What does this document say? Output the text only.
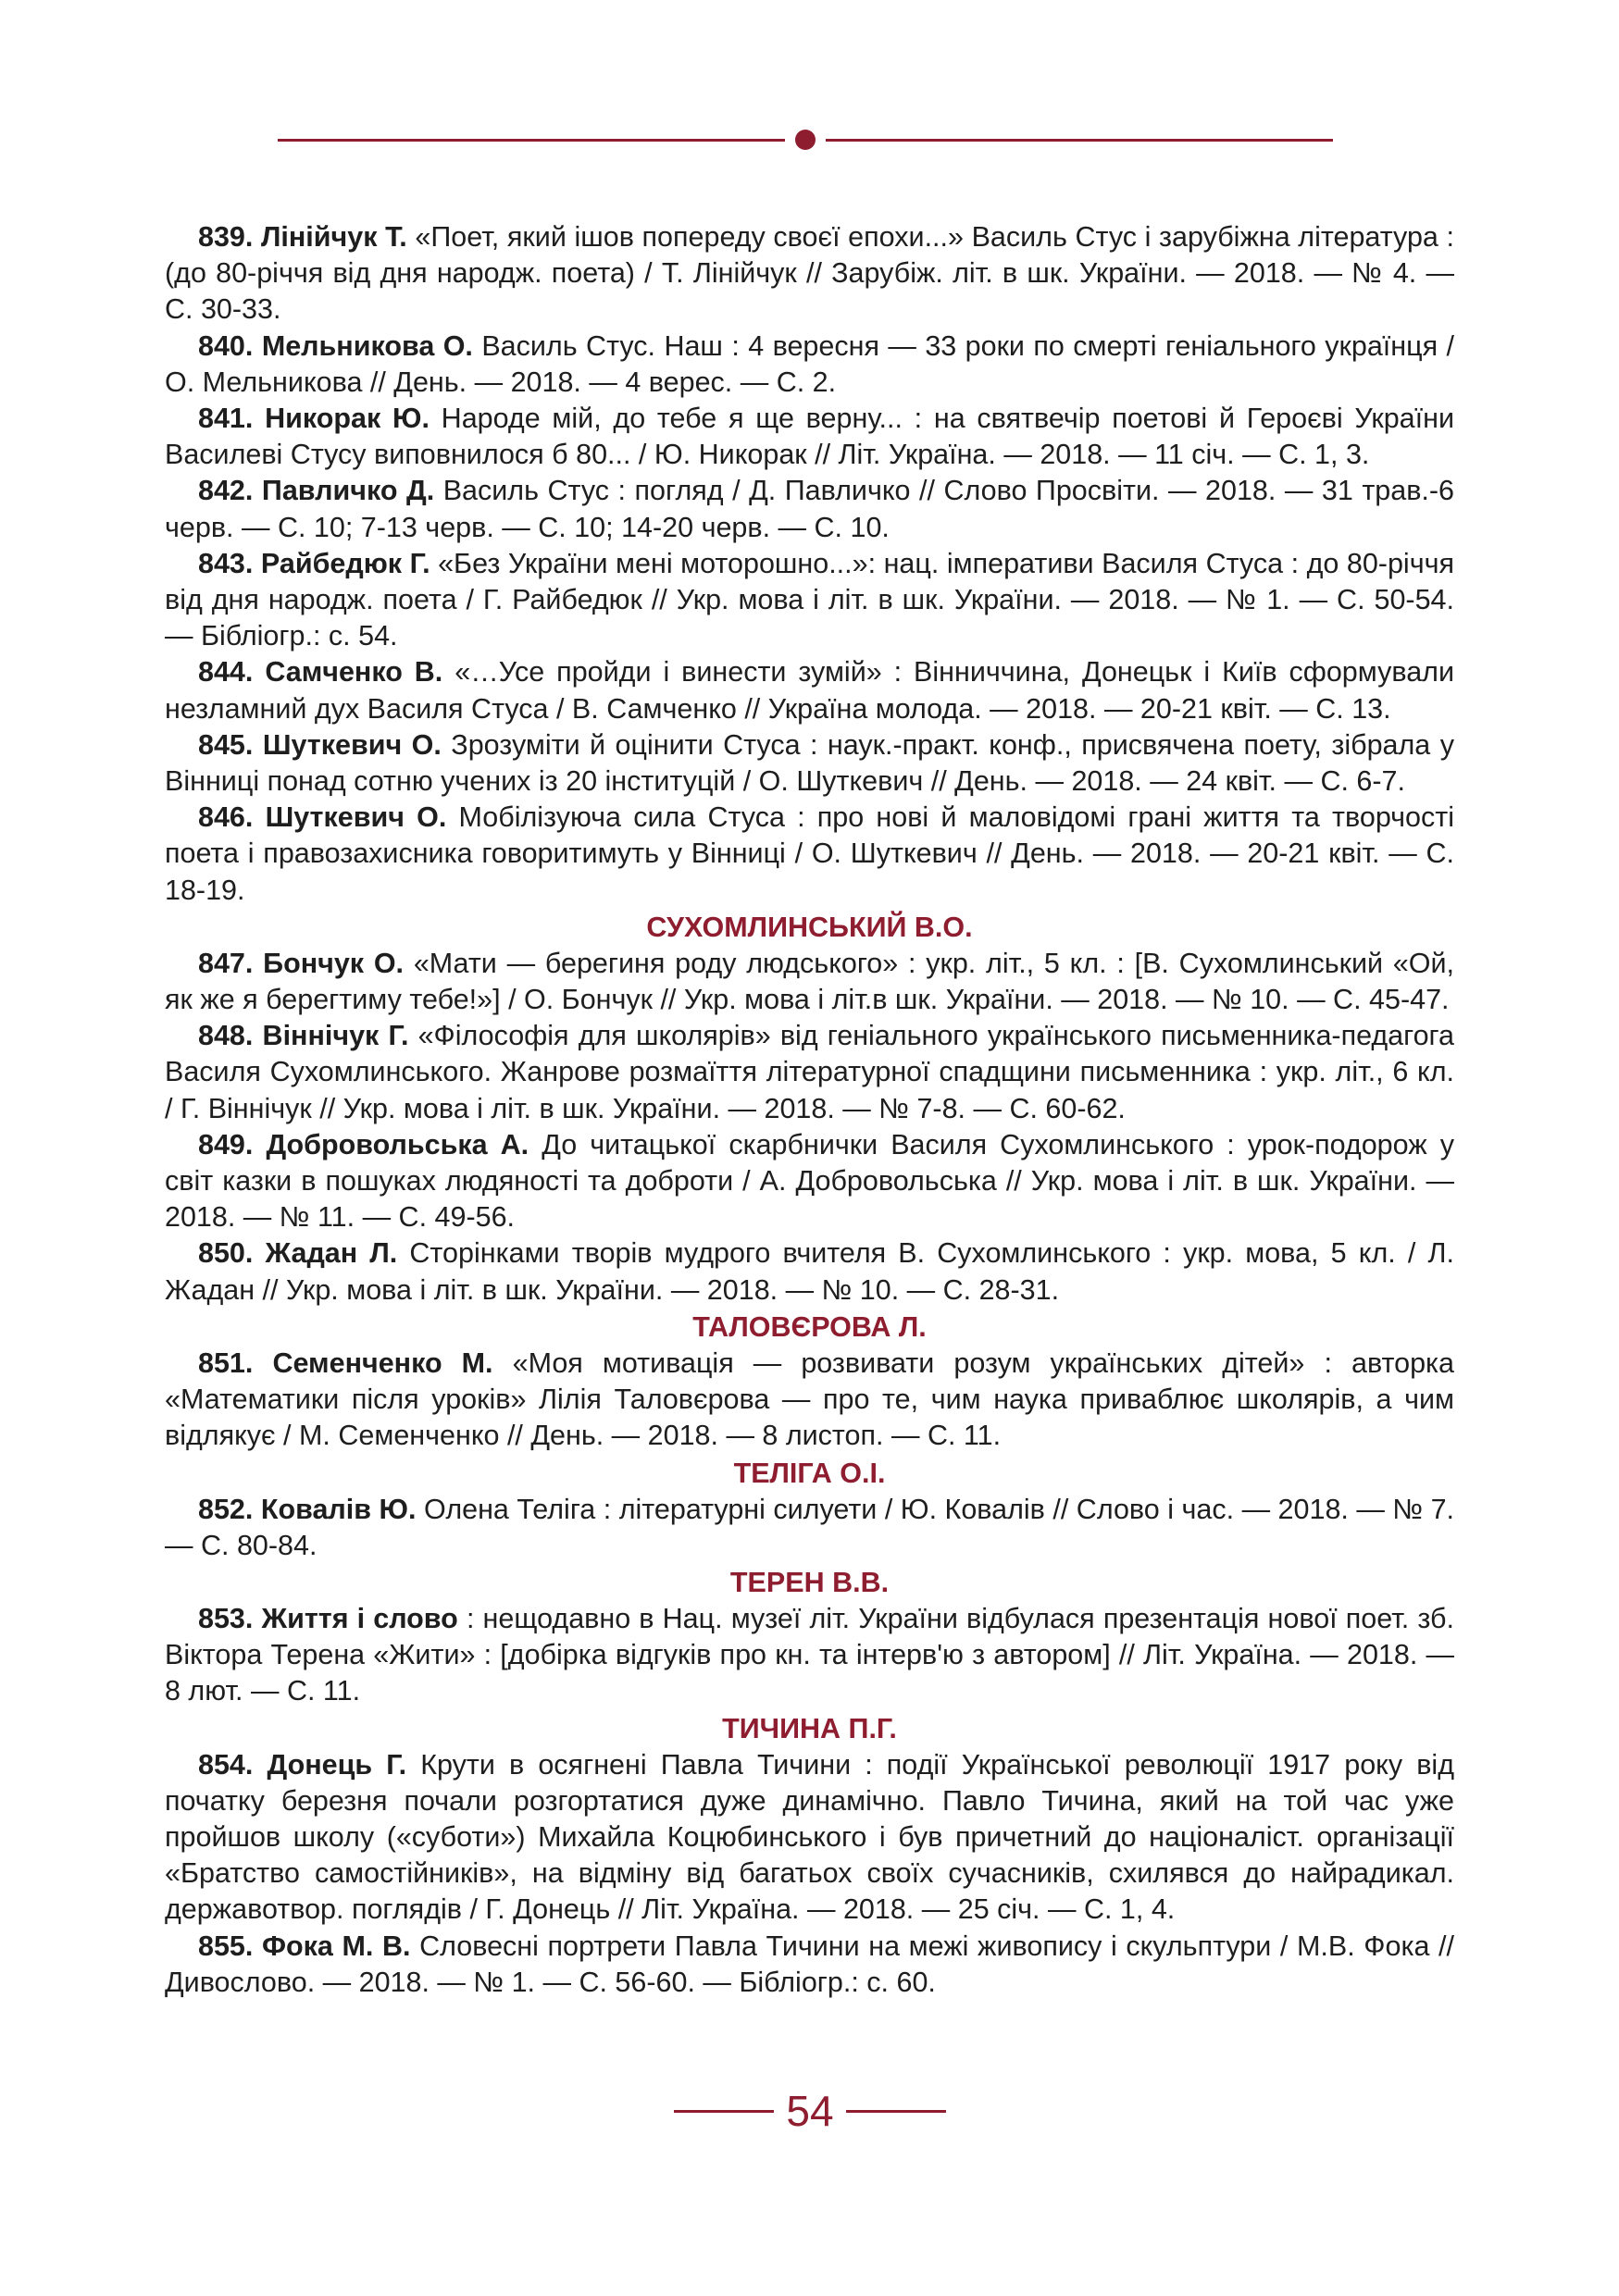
839. Лінійчук Т. «Поет, який ішов попереду своєї епохи...» Василь Стус і зарубіжна література : (до 80-річчя від дня народж. поета) / Т. Лінійчук // Зарубіж. літ. в шк. України. — 2018. — № 4. — С. 30-33.

840. Мельникова О. Василь Стус. Наш : 4 вересня — 33 роки по смерті геніального українця / О. Мельникова // День. — 2018. — 4 верес. — С. 2.

841. Никорак Ю. Народе мій, до тебе я ще верну... : на святвечір поетові й Героєві України Василеві Стусу виповнилося б 80... / Ю. Никорак // Літ. Україна. — 2018. — 11 січ. — С. 1, 3.

842. Павличко Д. Василь Стус : погляд / Д. Павличко // Слово Просвіти. — 2018. — 31 трав.-6 черв. — С. 10; 7-13 черв. — С. 10; 14-20 черв. — С. 10.

843. Райбедюк Г. «Без України мені моторошно...»: нац. імперативи Василя Стуса : до 80-річчя від дня народж. поета / Г. Райбедюк // Укр. мова і літ. в шк. України. — 2018. — № 1. — С. 50-54. — Бібліогр.: с. 54.

844. Самченко В. «…Усе пройди і винести зумій» : Вінниччина, Донецьк і Київ сформували незламний дух Василя Стуса / В. Самченко // Україна молода. — 2018. — 20-21 квіт. — С. 13.

845. Шуткевич О. Зрозуміти й оцінити Стуса : наук.-практ. конф., присвячена поету, зібрала у Вінниці понад сотню учених із 20 інституцій / О. Шуткевич // День. — 2018. — 24 квіт. — С. 6-7.

846. Шуткевич О. Мобілізуюча сила Стуса : про нові й маловідомі грані життя та творчості поета і правозахисника говоритимуть у Вінниці / О. Шуткевич // День. — 2018. — 20-21 квіт. — С. 18-19.

СУХОМЛИНСЬКИЙ В.О.

847. Бончук О. «Мати — берегиня роду людського» : укр. літ., 5 кл. : [В. Сухомлинський «Ой, як же я берегтиму тебе!»] / О. Бончук // Укр. мова і літ.в шк. України. — 2018. — № 10. — С. 45-47.

848. Віннічук Г. «Філософія для школярів» від геніального українського письменника-педагога Василя Сухомлинського. Жанрове розмаїття літературної спадщини письменника : укр. літ., 6 кл. / Г. Віннічук // Укр. мова і літ. в шк. України. — 2018. — № 7-8. — С. 60-62.

849. Добровольська А. До читацької скарбнички Василя Сухомлинського : урок-подорож у світ казки в пошуках людяності та доброти / А. Добровольська // Укр. мова і літ. в шк. України. — 2018. — № 11. — С. 49-56.

850. Жадан Л. Сторінками творів мудрого вчителя В. Сухомлинського : укр. мова, 5 кл. / Л. Жадан // Укр. мова і літ. в шк. України. — 2018. — № 10. — С. 28-31.

ТАЛОВЄРОВА Л.

851. Семенченко М. «Моя мотивація — розвивати розум українських дітей» : авторка «Математики після уроків» Лілія Таловєрова — про те, чим наука приваблює школярів, а чим відлякує / М. Семенченко // День. — 2018. — 8 листоп. — С. 11.

ТЕЛІГА О.І.

852. Ковалів Ю. Олена Теліга : літературні силуети / Ю. Ковалів // Слово і час. — 2018. — № 7. — С. 80-84.

ТЕРЕН В.В.

853. Життя і слово : нещодавно в Нац. музеї літ. України відбулася презентація нової поет. зб. Віктора Терена «Жити» : [добірка відгуків про кн. та інтерв'ю з автором] // Літ. Україна. — 2018. — 8 лют. — С. 11.

ТИЧИНА П.Г.

854. Донець Г. Крути в осягнені Павла Тичини : події Української революції 1917 року від початку березня почали розгортатися дуже динамічно. Павло Тичина, який на той час уже пройшов школу («суботи») Михайла Коцюбинського і був причетний до націоналіст. організації «Братство самостійників», на відміну від багатьох своїх сучасників, схилявся до найрадикал. державотвор. поглядів / Г. Донець // Літ. Україна. — 2018. — 25 січ. — С. 1, 4.

855. Фока М. В. Словесні портрети Павла Тичини на межі живопису і скульптури / М.В. Фока // Дивослово. — 2018. — № 1. — С. 56-60. — Бібліогр.: с. 60.

54
